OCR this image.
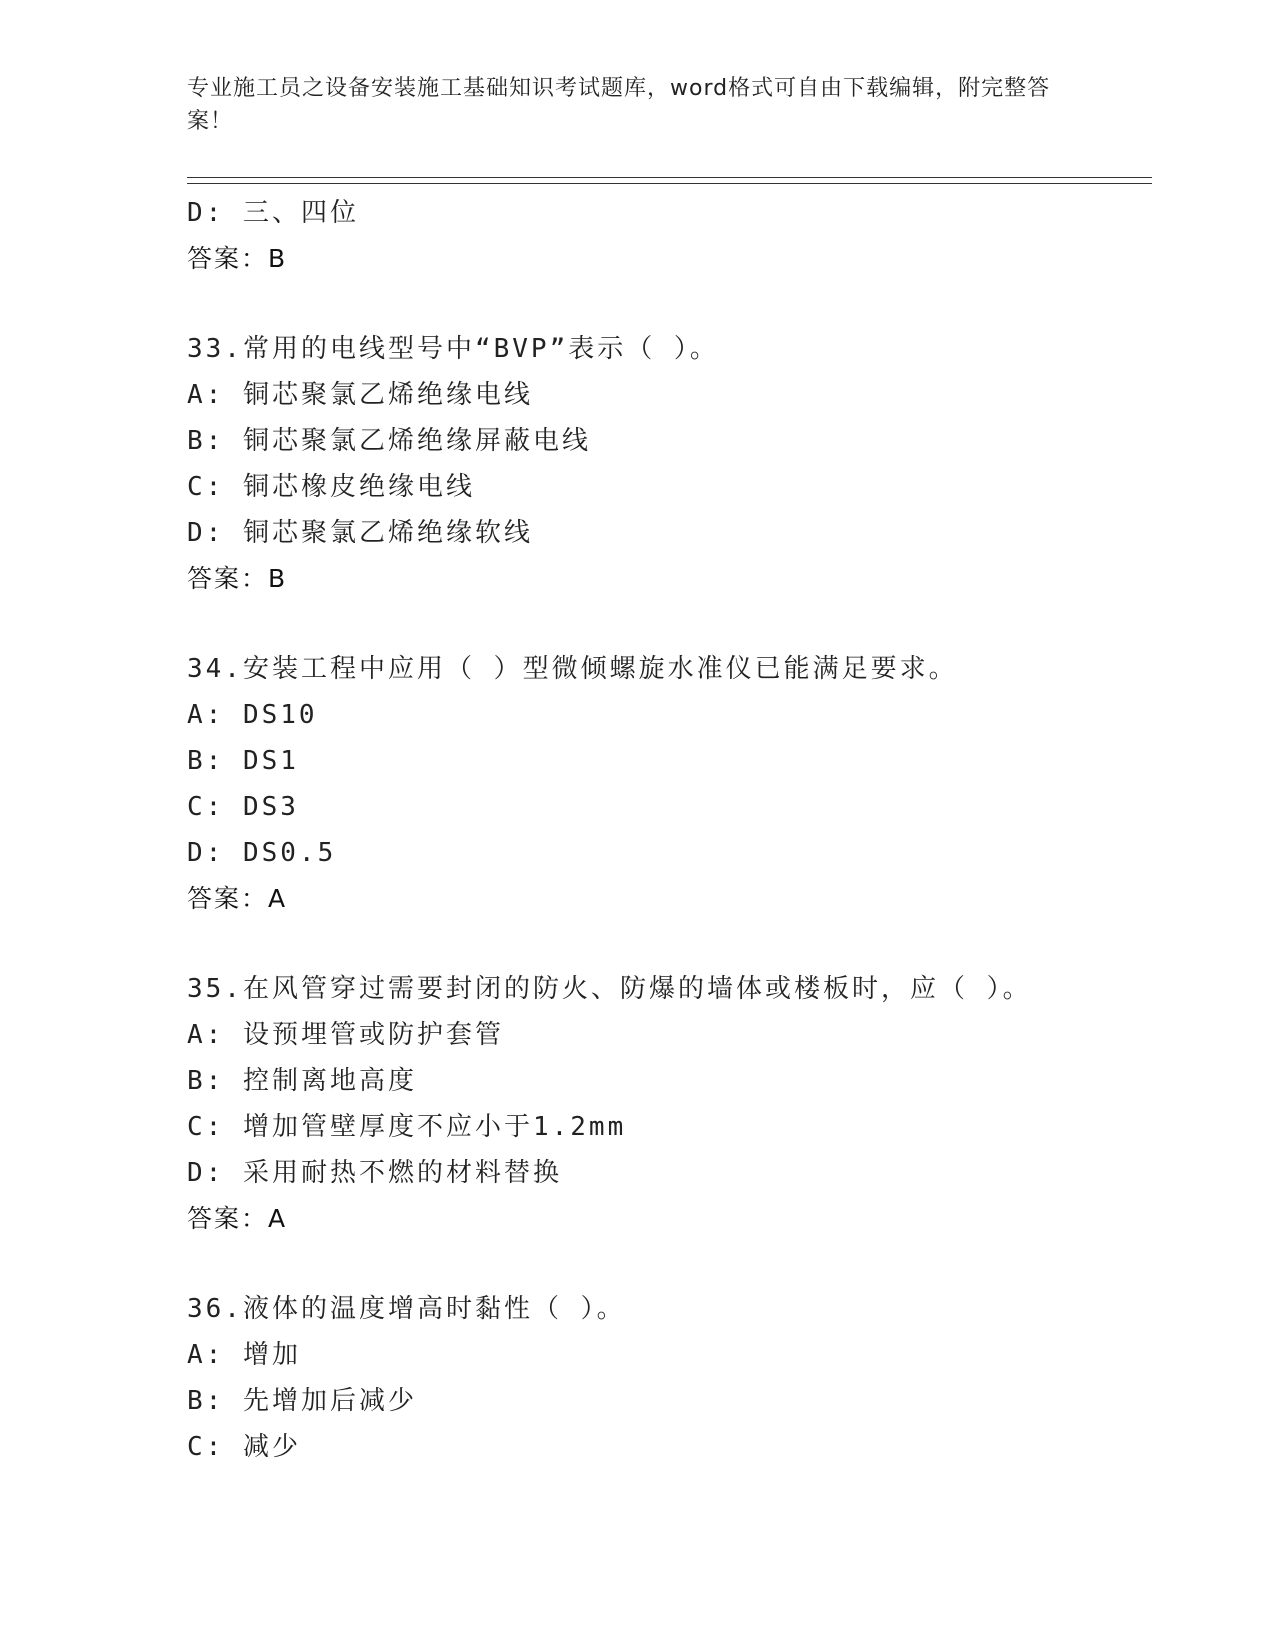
专业施工员之设备安装施工基础知识考试题库，word格式可自由下载编辑，附完整答案！
D: 三、四位
答案：B
33.常用的电线型号中“BVP”表示（ ）。
A: 铜芯聚氯乙烯绝缘电线
B: 铜芯聚氯乙烯绝缘屏蔽电线
C: 铜芯橡皮绝缘电线
D: 铜芯聚氯乙烯绝缘软线
答案：B
34.安装工程中应用（ ）型微倾螺旋水准仪已能满足要求。
A: DS10
B: DS1
C: DS3
D: DS0.5
答案：A
35.在风管穿过需要封闭的防火、防爆的墙体或楼板时，应（ ）。
A: 设预埋管或防护套管
B: 控制离地高度
C: 增加管壁厚度不应小于1.2mm
D: 采用耐热不燃的材料替换
答案：A
36.液体的温度增高时黏性（ ）。
A: 增加
B: 先增加后减少
C: 减少
